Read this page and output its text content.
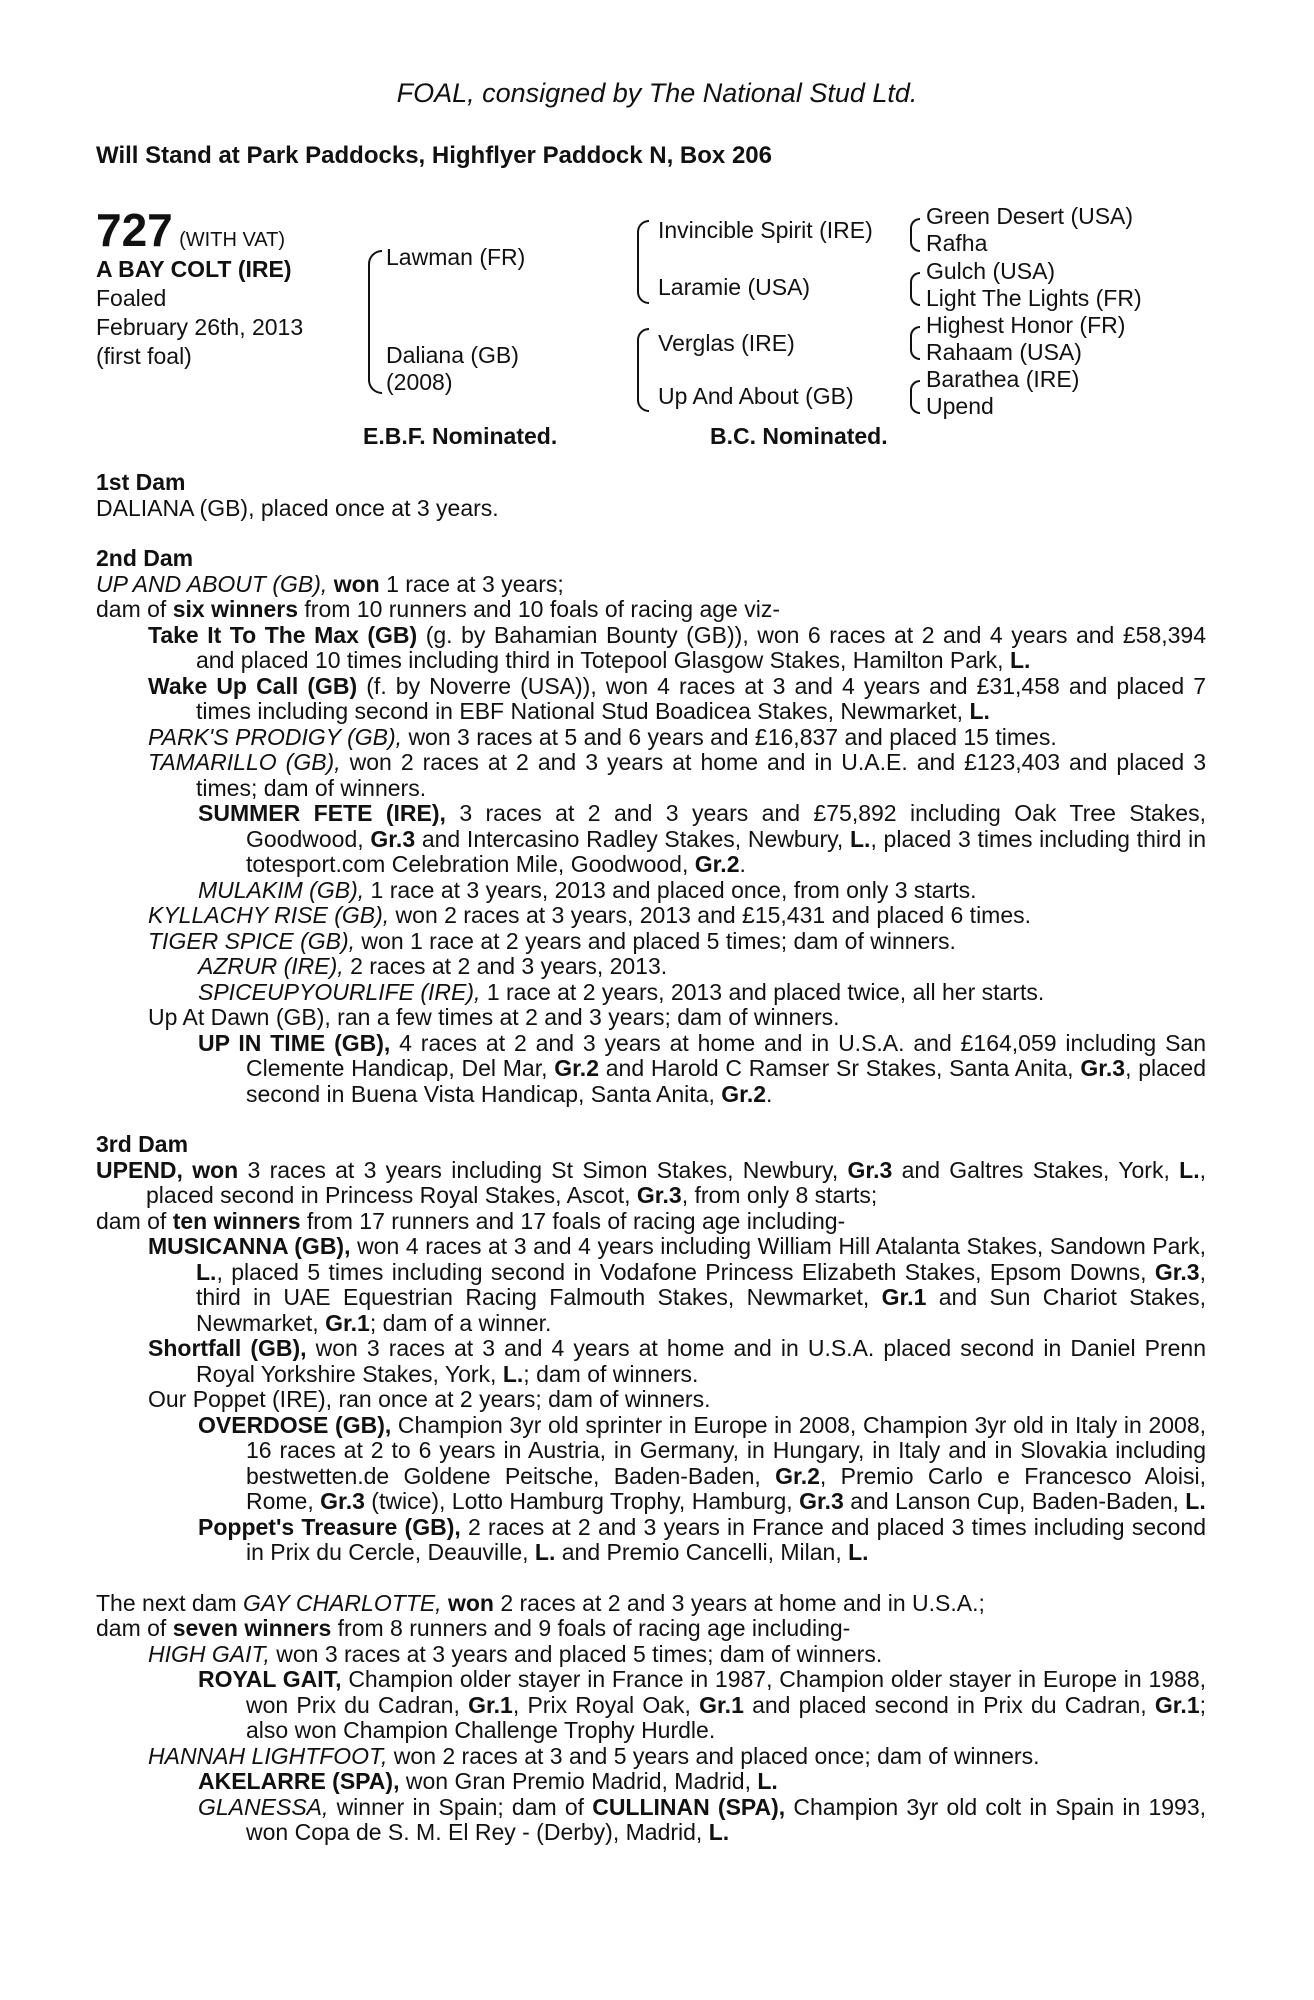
FOAL, consigned by The National Stud Ltd.
Will Stand at Park Paddocks, Highflyer Paddock N, Box 206
727 (WITH VAT)
A BAY COLT (IRE)
Foaled
February 26th, 2013
(first foal)
Lawman (FR)
Daliana (GB)
(2008)
Invincible Spirit (IRE)
Laramie (USA)
Verglas (IRE)
Up And About (GB)
Green Desert (USA)
Rafha
Gulch (USA)
Light The Lights (FR)
Highest Honor (FR)
Rahaam (USA)
Barathea (IRE)
Upend
E.B.F. Nominated.	B.C. Nominated.

1st Dam

DALIANA (GB), placed once at 3 years.

2nd Dam

UP AND ABOUT (GB), won 1 race at 3 years;

dam of six winners from 10 runners and 10 foals of racing age viz-

Take It To The Max (GB) (g. by Bahamian Bounty (GB)), won 6 races at 2 and 4 years and £58,394 and placed 10 times including third in Totepool Glasgow Stakes, Hamilton Park, L.

Wake Up Call (GB) (f. by Noverre (USA)), won 4 races at 3 and 4 years and £31,458 and placed 7 times including second in EBF National Stud Boadicea Stakes, Newmarket, L.

PARK'S PRODIGY (GB), won 3 races at 5 and 6 years and £16,837 and placed 15 times.

TAMARILLO (GB), won 2 races at 2 and 3 years at home and in U.A.E. and £123,403 and placed 3 times; dam of winners.

SUMMER FETE (IRE), 3 races at 2 and 3 years and £75,892 including Oak Tree Stakes, Goodwood, Gr.3 and Intercasino Radley Stakes, Newbury, L., placed 3 times including third in totesport.com Celebration Mile, Goodwood, Gr.2.

MULAKIM (GB), 1 race at 3 years, 2013 and placed once, from only 3 starts.

KYLLACHY RISE (GB), won 2 races at 3 years, 2013 and £15,431 and placed 6 times.

TIGER SPICE (GB), won 1 race at 2 years and placed 5 times; dam of winners.

AZRUR (IRE), 2 races at 2 and 3 years, 2013.

SPICEUPYOURLIFE (IRE), 1 race at 2 years, 2013 and placed twice, all her starts.

Up At Dawn (GB), ran a few times at 2 and 3 years; dam of winners.

UP IN TIME (GB), 4 races at 2 and 3 years at home and in U.S.A. and £164,059 including San Clemente Handicap, Del Mar, Gr.2 and Harold C Ramser Sr Stakes, Santa Anita, Gr.3, placed second in Buena Vista Handicap, Santa Anita, Gr.2.

3rd Dam

UPEND, won 3 races at 3 years including St Simon Stakes, Newbury, Gr.3 and Galtres Stakes, York, L., placed second in Princess Royal Stakes, Ascot, Gr.3, from only 8 starts;

dam of ten winners from 17 runners and 17 foals of racing age including-

MUSICANNA (GB), won 4 races at 3 and 4 years including William Hill Atalanta Stakes, Sandown Park, L., placed 5 times including second in Vodafone Princess Elizabeth Stakes, Epsom Downs, Gr.3, third in UAE Equestrian Racing Falmouth Stakes, Newmarket, Gr.1 and Sun Chariot Stakes, Newmarket, Gr.1; dam of a winner.

Shortfall (GB), won 3 races at 3 and 4 years at home and in U.S.A. placed second in Daniel Prenn Royal Yorkshire Stakes, York, L.; dam of winners.

Our Poppet (IRE), ran once at 2 years; dam of winners.

OVERDOSE (GB), Champion 3yr old sprinter in Europe in 2008, Champion 3yr old in Italy in 2008, 16 races at 2 to 6 years in Austria, in Germany, in Hungary, in Italy and in Slovakia including bestwetten.de Goldene Peitsche, Baden-Baden, Gr.2, Premio Carlo e Francesco Aloisi, Rome, Gr.3 (twice), Lotto Hamburg Trophy, Hamburg, Gr.3 and Lanson Cup, Baden-Baden, L.

Poppet's Treasure (GB), 2 races at 2 and 3 years in France and placed 3 times including second in Prix du Cercle, Deauville, L. and Premio Cancelli, Milan, L.

The next dam GAY CHARLOTTE, won 2 races at 2 and 3 years at home and in U.S.A.;

dam of seven winners from 8 runners and 9 foals of racing age including-

HIGH GAIT, won 3 races at 3 years and placed 5 times; dam of winners.

ROYAL GAIT, Champion older stayer in France in 1987, Champion older stayer in Europe in 1988, won Prix du Cadran, Gr.1, Prix Royal Oak, Gr.1 and placed second in Prix du Cadran, Gr.1; also won Champion Challenge Trophy Hurdle.

HANNAH LIGHTFOOT, won 2 races at 3 and 5 years and placed once; dam of winners.

AKELARRE (SPA), won Gran Premio Madrid, Madrid, L.

GLANESSA, winner in Spain; dam of CULLINAN (SPA), Champion 3yr old colt in Spain in 1993, won Copa de S. M. El Rey - (Derby), Madrid, L.
